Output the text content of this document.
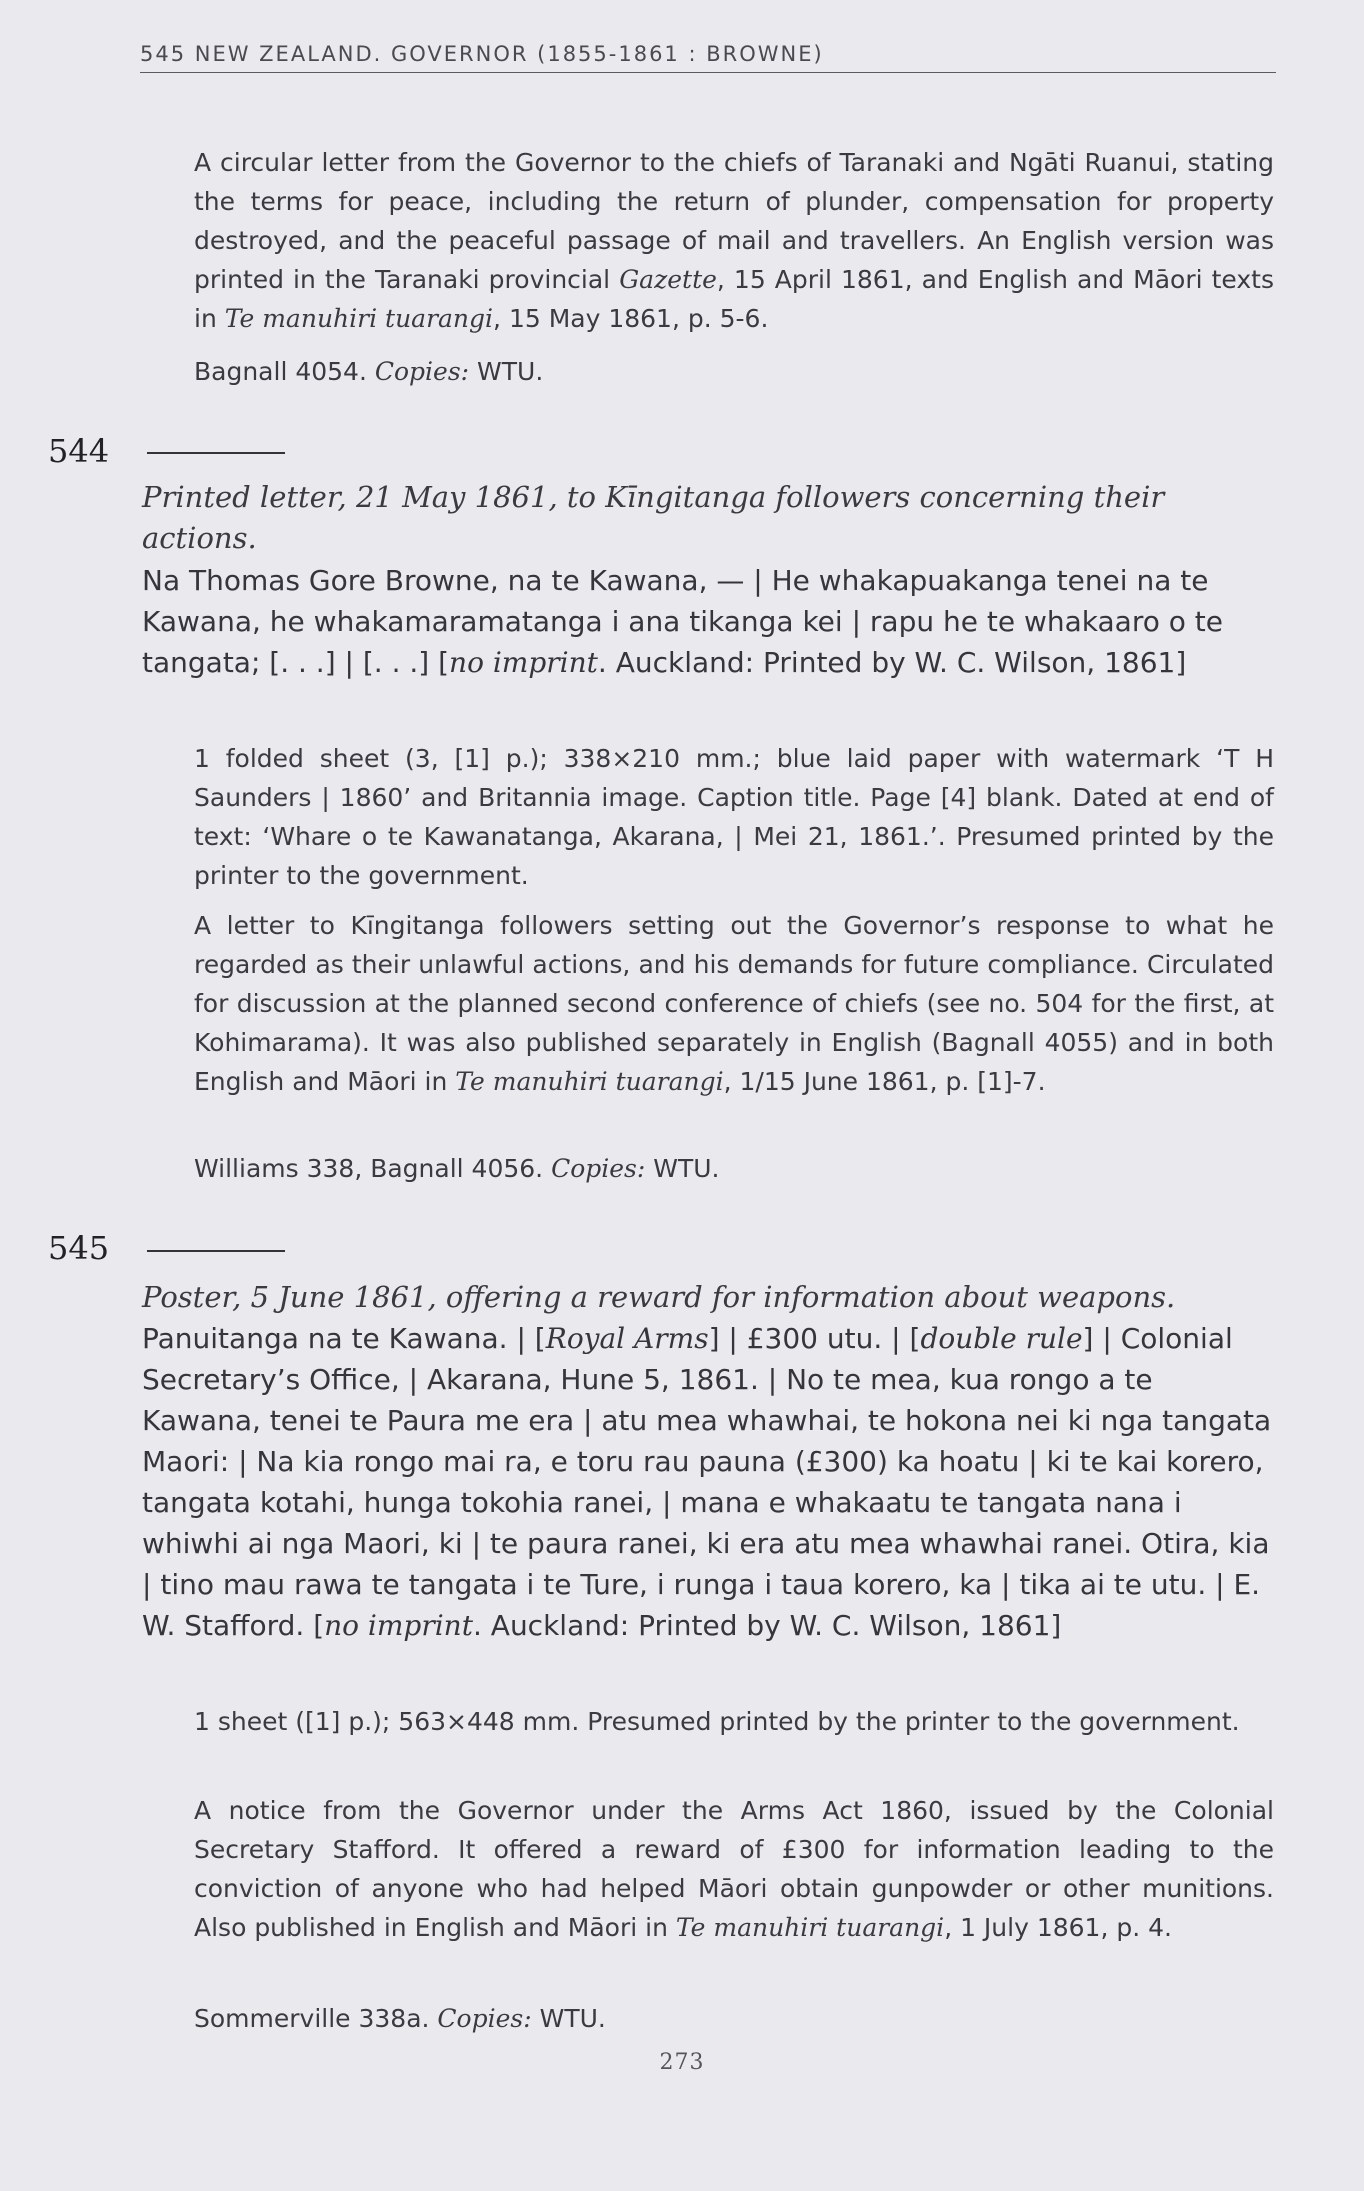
545 NEW ZEALAND. GOVERNOR (1855-1861 : BROWNE)

A circular letter from the Governor to the chiefs of Taranaki and Ngāti Ruanui, stating the terms for peace, including the return of plunder, compensation for property destroyed, and the peaceful passage of mail and travellers. An English version was printed in the Taranaki provincial Gazette, 15 April 1861, and English and Māori texts in Te manuhiri tuarangi, 15 May 1861, p. 5-6.

Bagnall 4054. Copies: WTU.

544

Printed letter, 21 May 1861, to Kīngitanga followers concerning their actions.

Na Thomas Gore Browne, na te Kawana, — | He whakapuakanga tenei na te Kawana, he whakamaramatanga i ana tikanga kei | rapu he te whakaaro o te tangata; [. . .] | [. . .] [no imprint. Auckland: Printed by W. C. Wilson, 1861]

1 folded sheet (3, [1] p.); 338×210 mm.; blue laid paper with watermark ‘T H Saunders | 1860’ and Britannia image. Caption title. Page [4] blank. Dated at end of text: ‘Whare o te Kawanatanga, Akarana, | Mei 21, 1861.’. Presumed printed by the printer to the government.

A letter to Kīngitanga followers setting out the Governor’s response to what he regarded as their unlawful actions, and his demands for future compliance. Circulated for discussion at the planned second conference of chiefs (see no. 504 for the first, at Kohimarama). It was also published separately in English (Bagnall 4055) and in both English and Māori in Te manuhiri tuarangi, 1/15 June 1861, p. [1]-7.

Williams 338, Bagnall 4056. Copies: WTU.

545

Poster, 5 June 1861, offering a reward for information about weapons.

Panuitanga na te Kawana. | [Royal Arms] | £300 utu. | [double rule] | Colonial Secretary’s Office, | Akarana, Hune 5, 1861. | No te mea, kua rongo a te Kawana, tenei te Paura me era | atu mea whawhai, te hokona nei ki nga tangata Maori: | Na kia rongo mai ra, e toru rau pauna (£300) ka hoatu | ki te kai korero, tangata kotahi, hunga tokohia ranei, | mana e whakaatu te tangata nana i whiwhi ai nga Maori, ki | te paura ranei, ki era atu mea whawhai ranei. Otira, kia | tino mau rawa te tangata i te Ture, i runga i taua korero, ka | tika ai te utu. | E. W. Stafford. [no imprint. Auckland: Printed by W. C. Wilson, 1861]

1 sheet ([1] p.); 563×448 mm. Presumed printed by the printer to the government.

A notice from the Governor under the Arms Act 1860, issued by the Colonial Secretary Stafford. It offered a reward of £300 for information leading to the conviction of anyone who had helped Māori obtain gunpowder or other munitions. Also published in English and Māori in Te manuhiri tuarangi, 1 July 1861, p. 4.

Sommerville 338a. Copies: WTU.

273
